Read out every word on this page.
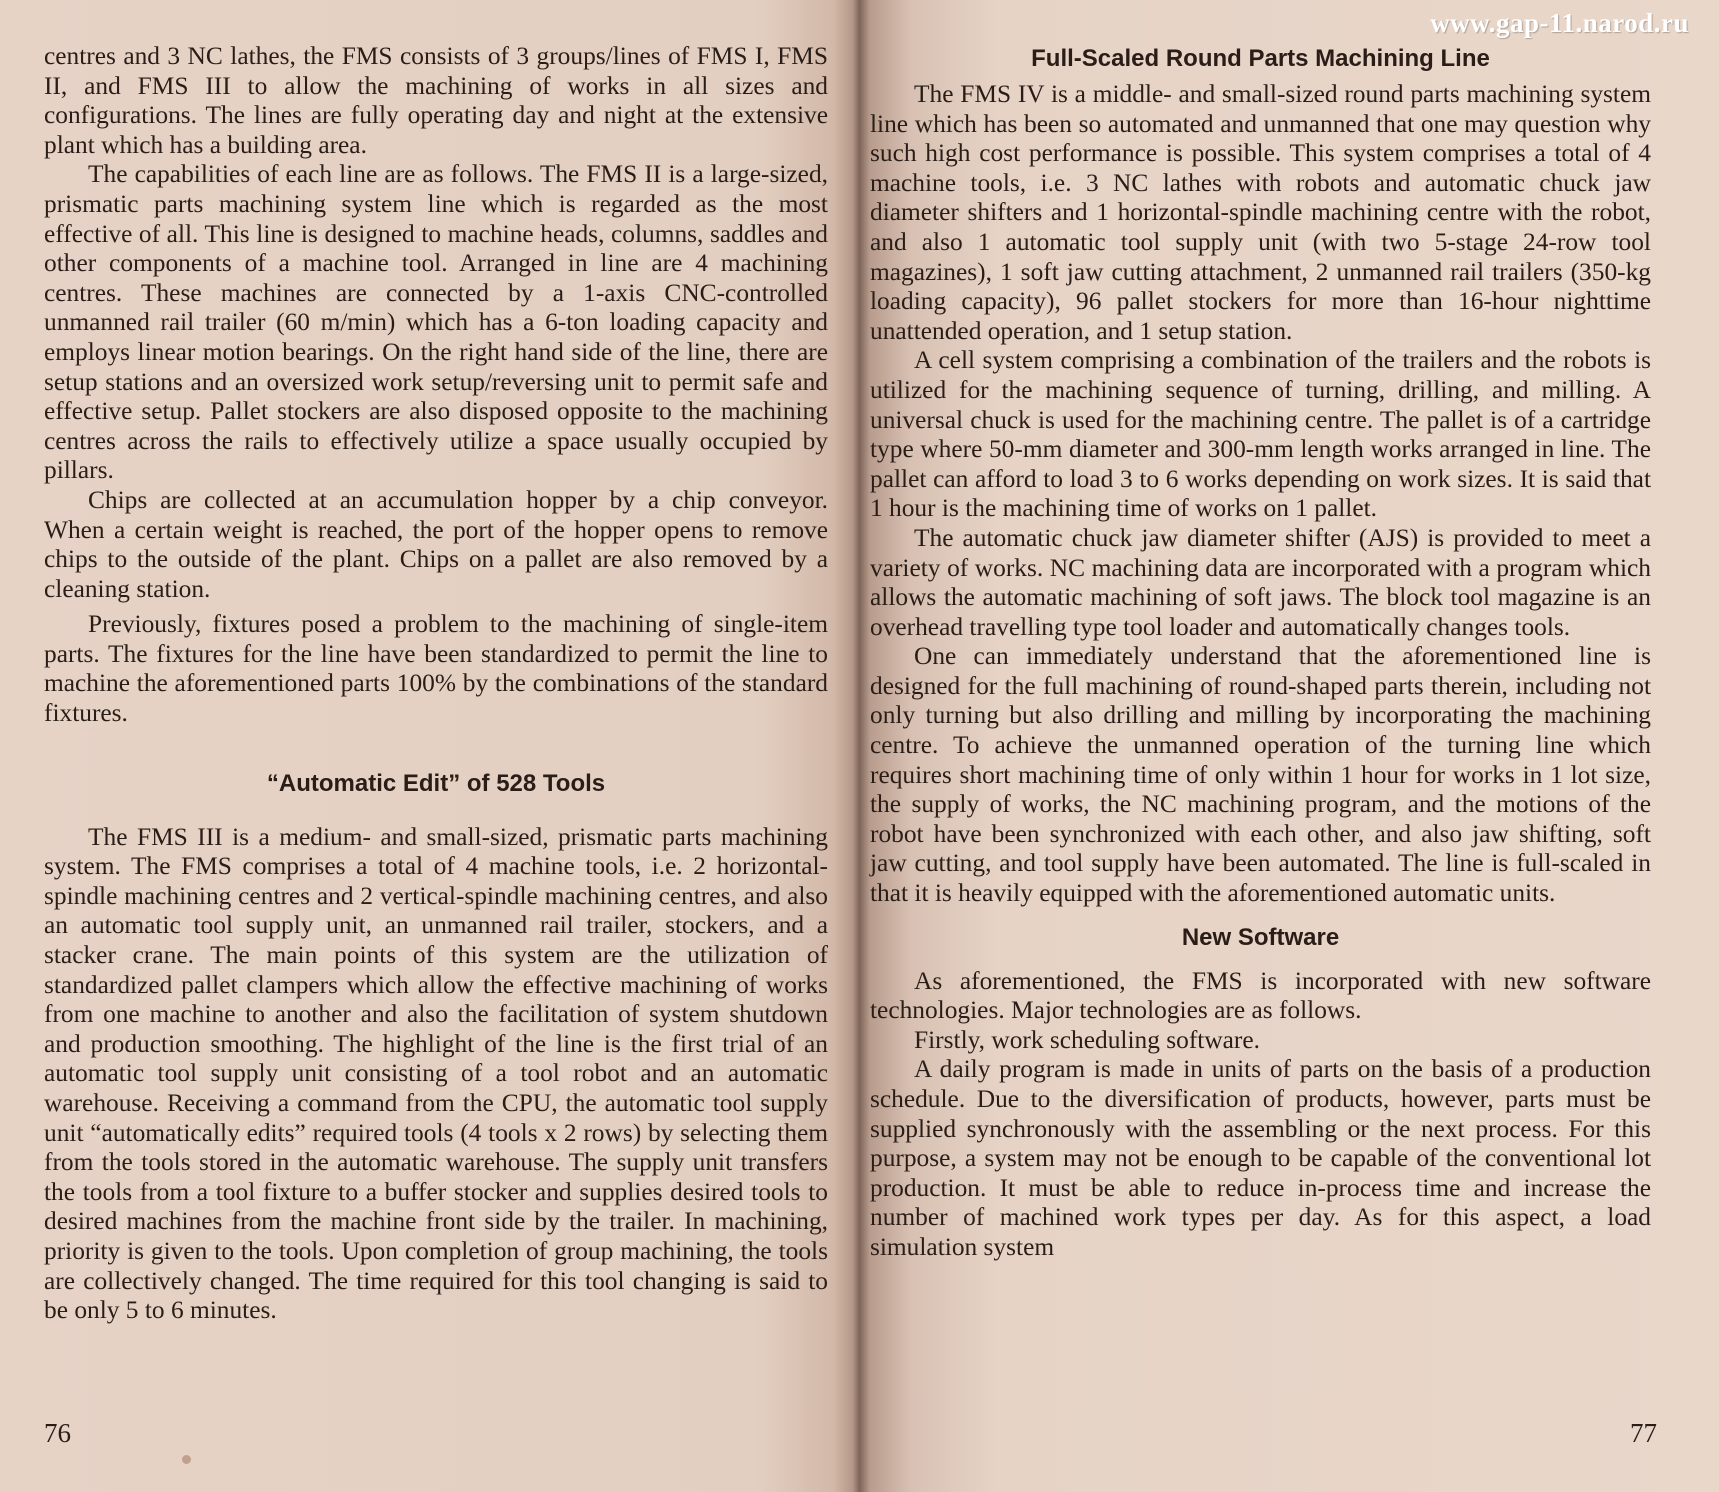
www.gap-11.narod.ru

centres and 3 NC lathes, the FMS consists of 3 groups/lines of FMS I, FMS II, and FMS III to allow the machining of works in all sizes and configurations. The lines are fully operating day and night at the extensive plant which has a building area.

The capabilities of each line are as follows. The FMS II is a large-sized, prismatic parts machining system line which is regarded as the most effective of all. This line is designed to machine heads, columns, saddles and other components of a machine tool. Arranged in line are 4 machining centres. These machines are connected by a 1-axis CNC-controlled unmanned rail trailer (60 m/min) which has a 6-ton loading capacity and employs linear motion bearings. On the right hand side of the line, there are setup stations and an oversized work setup/reversing unit to permit safe and effective setup. Pallet stockers are also disposed opposite to the machining centres across the rails to effectively utilize a space usually occupied by pillars.

Chips are collected at an accumulation hopper by a chip conveyor. When a certain weight is reached, the port of the hopper opens to remove chips to the outside of the plant. Chips on a pallet are also removed by a cleaning station.

Previously, fixtures posed a problem to the machining of single-item parts. The fixtures for the line have been standardized to permit the line to machine the aforementioned parts 100% by the combinations of the standard fixtures.

“Automatic Edit” of 528 Tools

The FMS III is a medium- and small-sized, prismatic parts machining system. The FMS comprises a total of 4 machine tools, i.e. 2 horizontal-spindle machining centres and 2 vertical-spindle machining centres, and also an automatic tool supply unit, an unmanned rail trailer, stockers, and a stacker crane. The main points of this system are the utilization of standardized pallet clampers which allow the effective machining of works from one machine to another and also the facilitation of system shutdown and production smoothing. The highlight of the line is the first trial of an automatic tool supply unit consisting of a tool robot and an automatic warehouse. Receiving a command from the CPU, the automatic tool supply unit “automatically edits” required tools (4 tools x 2 rows) by selecting them from the tools stored in the automatic warehouse. The supply unit transfers the tools from a tool fixture to a buffer stocker and supplies desired tools to desired machines from the machine front side by the trailer. In machining, priority is given to the tools. Upon completion of group machining, the tools are collectively changed. The time required for this tool changing is said to be only 5 to 6 minutes.

76
Full-Scaled Round Parts Machining Line

The FMS IV is a middle- and small-sized round parts machining system line which has been so automated and unmanned that one may question why such high cost performance is possible. This system comprises a total of 4 machine tools, i.e. 3 NC lathes with robots and automatic chuck jaw diameter shifters and 1 horizontal-spindle machining centre with the robot, and also 1 automatic tool supply unit (with two 5-stage 24-row tool magazines), 1 soft jaw cutting attachment, 2 unmanned rail trailers (350-kg loading capacity), 96 pallet stockers for more than 16-hour nighttime unattended operation, and 1 setup station.

A cell system comprising a combination of the trailers and the robots is utilized for the machining sequence of turning, drilling, and milling. A universal chuck is used for the machining centre. The pallet is of a cartridge type where 50-mm diameter and 300-mm length works arranged in line. The pallet can afford to load 3 to 6 works depending on work sizes. It is said that 1 hour is the machining time of works on 1 pallet.

The automatic chuck jaw diameter shifter (AJS) is provided to meet a variety of works. NC machining data are incorporated with a program which allows the automatic machining of soft jaws. The block tool magazine is an overhead travelling type tool loader and automatically changes tools.

One can immediately understand that the aforementioned line is designed for the full machining of round-shaped parts therein, including not only turning but also drilling and milling by incorporating the machining centre. To achieve the unmanned operation of the turning line which requires short machining time of only within 1 hour for works in 1 lot size, the supply of works, the NC machining program, and the motions of the robot have been synchronized with each other, and also jaw shifting, soft jaw cutting, and tool supply have been automated. The line is full-scaled in that it is heavily equipped with the aforementioned automatic units.

New Software

As aforementioned, the FMS is incorporated with new software technologies. Major technologies are as follows.

Firstly, work scheduling software.

A daily program is made in units of parts on the basis of a production schedule. Due to the diversification of products, however, parts must be supplied synchronously with the assembling or the next process. For this purpose, a system may not be enough to be capable of the conventional lot production. It must be able to reduce in-process time and increase the number of machined work types per day. As for this aspect, a load simulation system

77
